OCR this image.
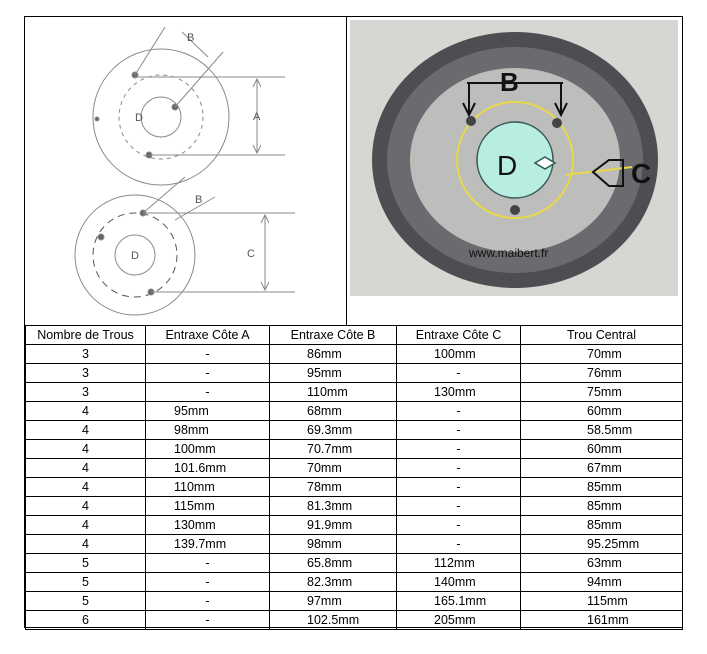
B
A
D
B
C
D
B
D	C
www.maibert.fr
Nombre de Trous	Entraxe Côte A	Entraxe Côte B	Entraxe Côte C	Trou Central
3	-	86mm	100mm	70mm
3	-	95mm	-	76mm
3	-	110mm	130mm	75mm
4	95mm	68mm	-	60mm
4	98mm	69.3mm	-	58.5mm
4	100mm	70.7mm	-	60mm
4	101.6mm	70mm	-	67mm
4	110mm	78mm	-	85mm
4	115mm	81.3mm	-	85mm
4	130mm	91.9mm	-	85mm
4	139.7mm	98mm	-	95.25mm
5	-	65.8mm	112mm	63mm
5	-	82.3mm	140mm	94mm
5	-	97mm	165.1mm	115mm
6	-	102.5mm	205mm	161mm
